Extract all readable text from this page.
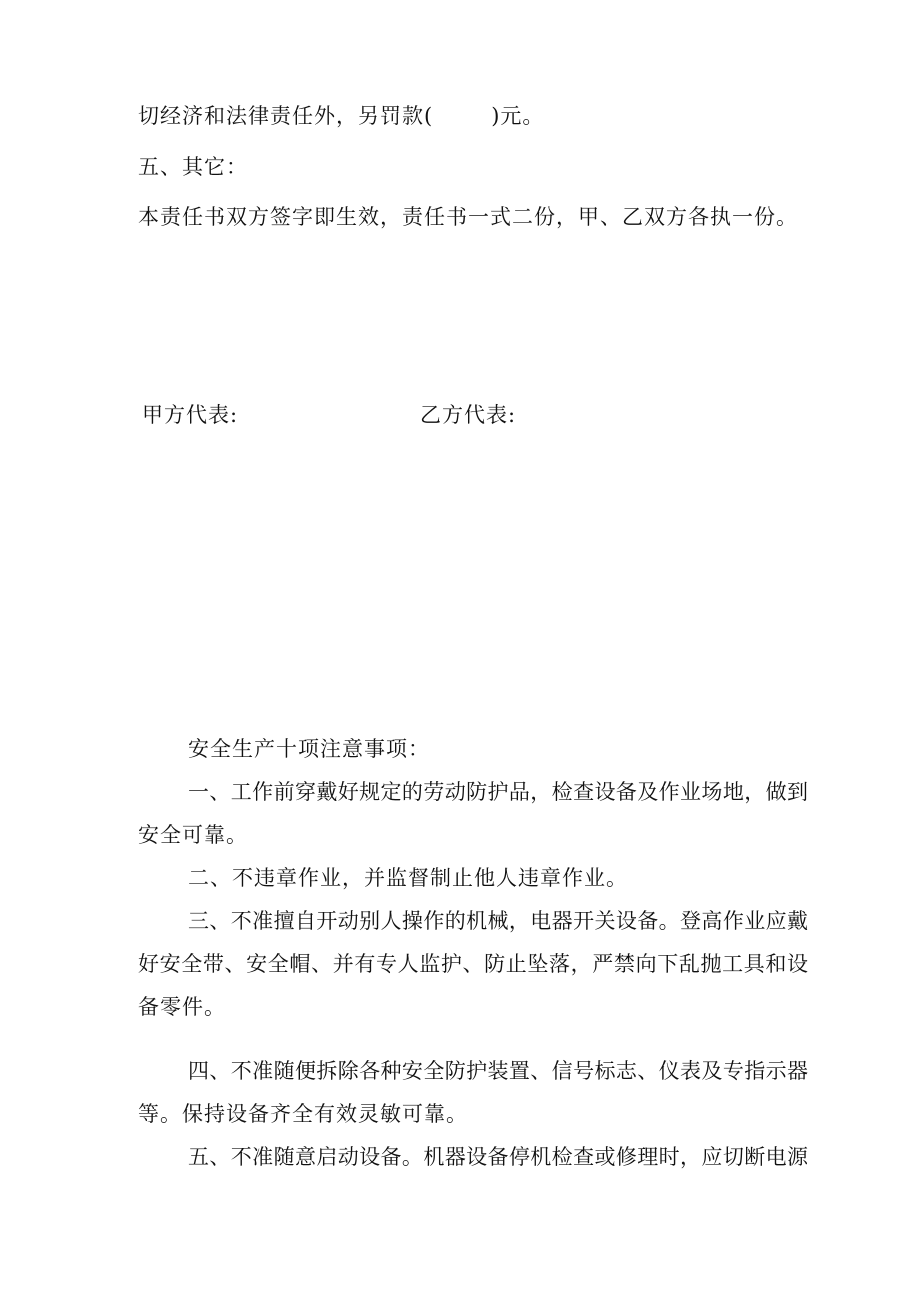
切经济和法律责任外，另罚款(	)元。
五、其它：
本责任书双方签字即生效，责任书一式二份，甲、乙双方各执一份。
甲方代表:	乙方代表:
安全生产十项注意事项：
一、工作前穿戴好规定的劳动防护品，检查设备及作业场地，做到
安全可靠。
二、不违章作业，并监督制止他人违章作业。
三、不准擅自开动别人操作的机械，电器开关设备。登高作业应戴
好安全带、安全帽、并有专人监护、防止坠落，严禁向下乱抛工具和设
备零件。
四、不准随便拆除各种安全防护装置、信号标志、仪表及专指示器
等。保持设备齐全有效灵敏可靠。
五、不准随意启动设备。机器设备停机检查或修理时，应切断电源
